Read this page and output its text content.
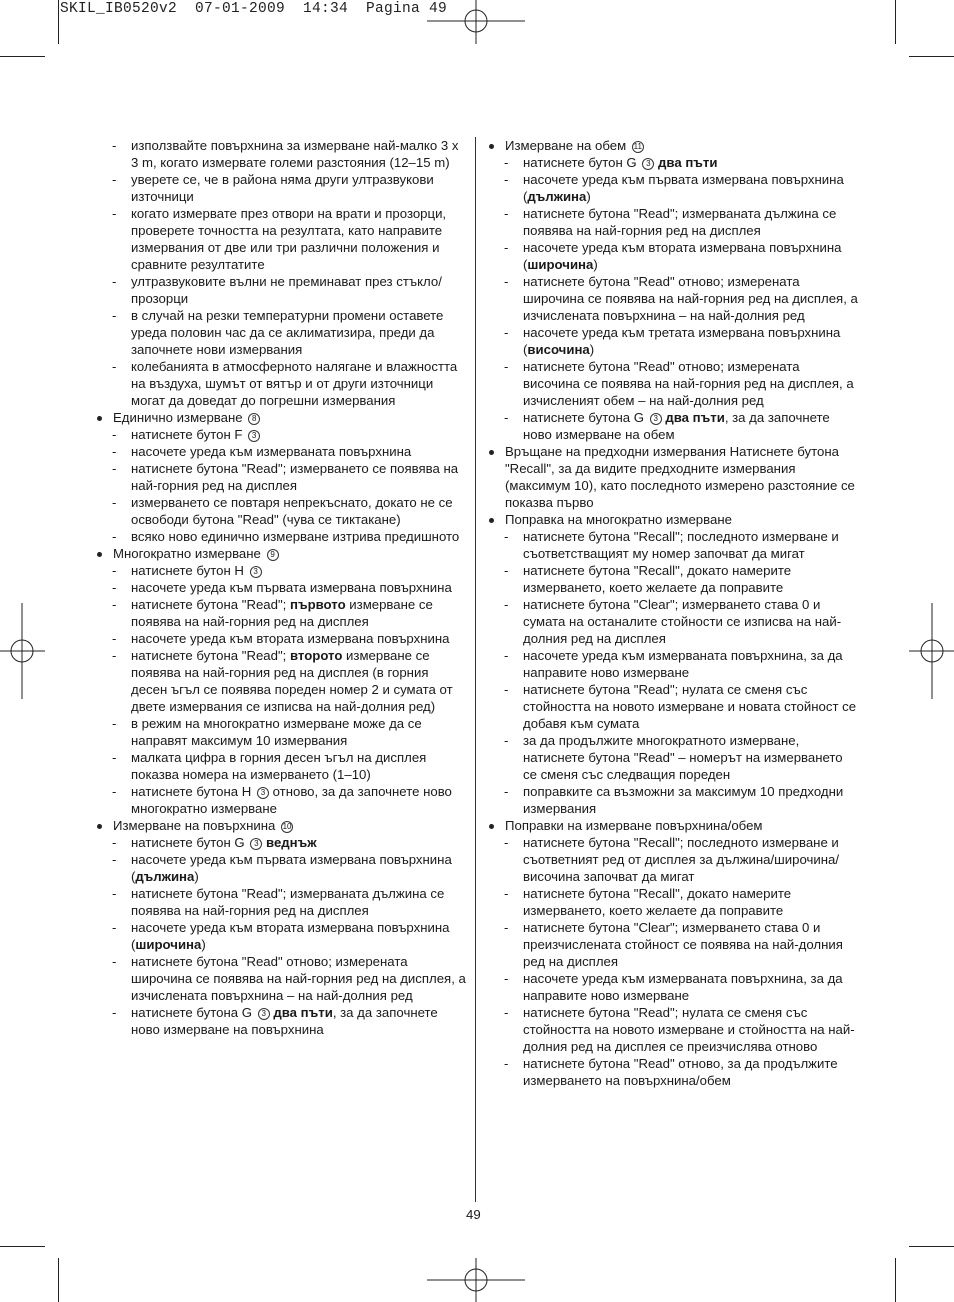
SKIL_IB0520v2  07-01-2009  14:34  Pagina 49
- използвайте повърхнина за измерване най-малко 3 x 3 m, когато измервате големи разстояния (12–15 m)
- уверете се, че в района няма други ултразвукови източници
- когато измервате през отвори на врати и прозорци, проверете точността на резултата, като направите измервания от две или три различни положения и сравните резултатите
- ултразвуковите вълни не преминават през стъкло/прозорци
- в случай на резки температурни промени оставете уреда половин час да се аклиматизира, преди да започнете нови измервания
- колебанията в атмосферното налягане и влажността на въздуха, шумът от вятър и от други източници могат да доведат до погрешни измервания
Единично измерване 8
- натиснете бутон F 3
- насочете уреда към измерваната повърхнина
- натиснете бутона "Read"; измерването се появява на най-горния ред на дисплея
- измерването се повтаря непрекъснато, докато не се освободи бутона "Read" (чува се тиктакане)
- всяко ново единично измерване изтрива предишното
Многократно измерване 9
- натиснете бутон H 3
- насочете уреда към първата измервана повърхнина
- натиснете бутона "Read"; първото измерване се появява на най-горния ред на дисплея
- насочете уреда към втората измервана повърхнина
- натиснете бутона "Read"; второто измерване се появява на най-горния ред на дисплея (в горния десен ъгъл се появява пореден номер 2 и сумата от двете измервания се изписва на най-долния ред)
- в режим на многократно измерване може да се направят максимум 10 измервания
- малката цифра в горния десен ъгъл на дисплея показва номера на измерването (1–10)
- натиснете бутона H 3 отново, за да започнете ново многократно измерване
Измерване на повърхнина 10
- натиснете бутон G 3 веднъж
- насочете уреда към първата измервана повърхнина (дължина)
- натиснете бутона "Read"; измерваната дължина се появява на най-горния ред на дисплея
- насочете уреда към втората измервана повърхнина (широчина)
- натиснете бутона "Read" отново; измерената широчина се появява на най-горния ред на дисплея, а изчислената повърхнина – на най-долния ред
- натиснете бутона G 3 два пъти, за да започнете ново измерване на повърхнина
Измерване на обем 11
- натиснете бутон G 3 два пъти
- насочете уреда към първата измервана повърхнина (дължина)
- натиснете бутона "Read"; измерваната дължина се появява на най-горния ред на дисплея
- насочете уреда към втората измервана повърхнина (широчина)
- натиснете бутона "Read" отново; измерената широчина се появява на най-горния ред на дисплея, а изчислената повърхнина – на най-долния ред
- насочете уреда към третата измервана повърхнина (височина)
- натиснете бутона "Read" отново; измерената височина се появява на най-горния ред на дисплея, а изчисленият обем – на най-долния ред
- натиснете бутона G 3 два пъти, за да започнете ново измерване на обем
Връщане на предходни измервания Натиснете бутона "Recall", за да видите предходните измервания (максимум 10), като последното измерено разстояние се показва първо
Поправка на многократно измерване
- натиснете бутона "Recall"; последното измерване и съответстващият му номер започват да мигат
- натиснете бутона "Recall", докато намерите измерването, което желаете да поправите
- натиснете бутона "Clear"; измерването става 0 и сумата на останалите стойности се изписва на най-долния ред на дисплея
- насочете уреда към измерваната повърхнина, за да направите ново измерване
- натиснете бутона "Read"; нулата се сменя със стойността на новото измерване и новата стойност се добавя към сумата
- за да продължите многократното измерване, натиснете бутона "Read" – номерът на измерването се сменя със следващия пореден
- поправките са възможни за максимум 10 предходни измервания
Поправки на измерване повърхнина/обем
- натиснете бутона "Recall"; последното измерване и съответният ред от дисплея за дължина/широчина/височина започват да мигат
- натиснете бутона "Recall", докато намерите измерването, което желаете да поправите
- натиснете бутона "Clear"; измерването става 0 и преизчислената стойност се появява на най-долния ред на дисплея
- насочете уреда към измерваната повърхнина, за да направите ново измерване
- натиснете бутона "Read"; нулата се сменя със стойността на новото измерване и стойността на най-долния ред на дисплея се преизчислява отново
- натиснете бутона "Read" отново, за да продължите измерването на повърхнина/обем
49
